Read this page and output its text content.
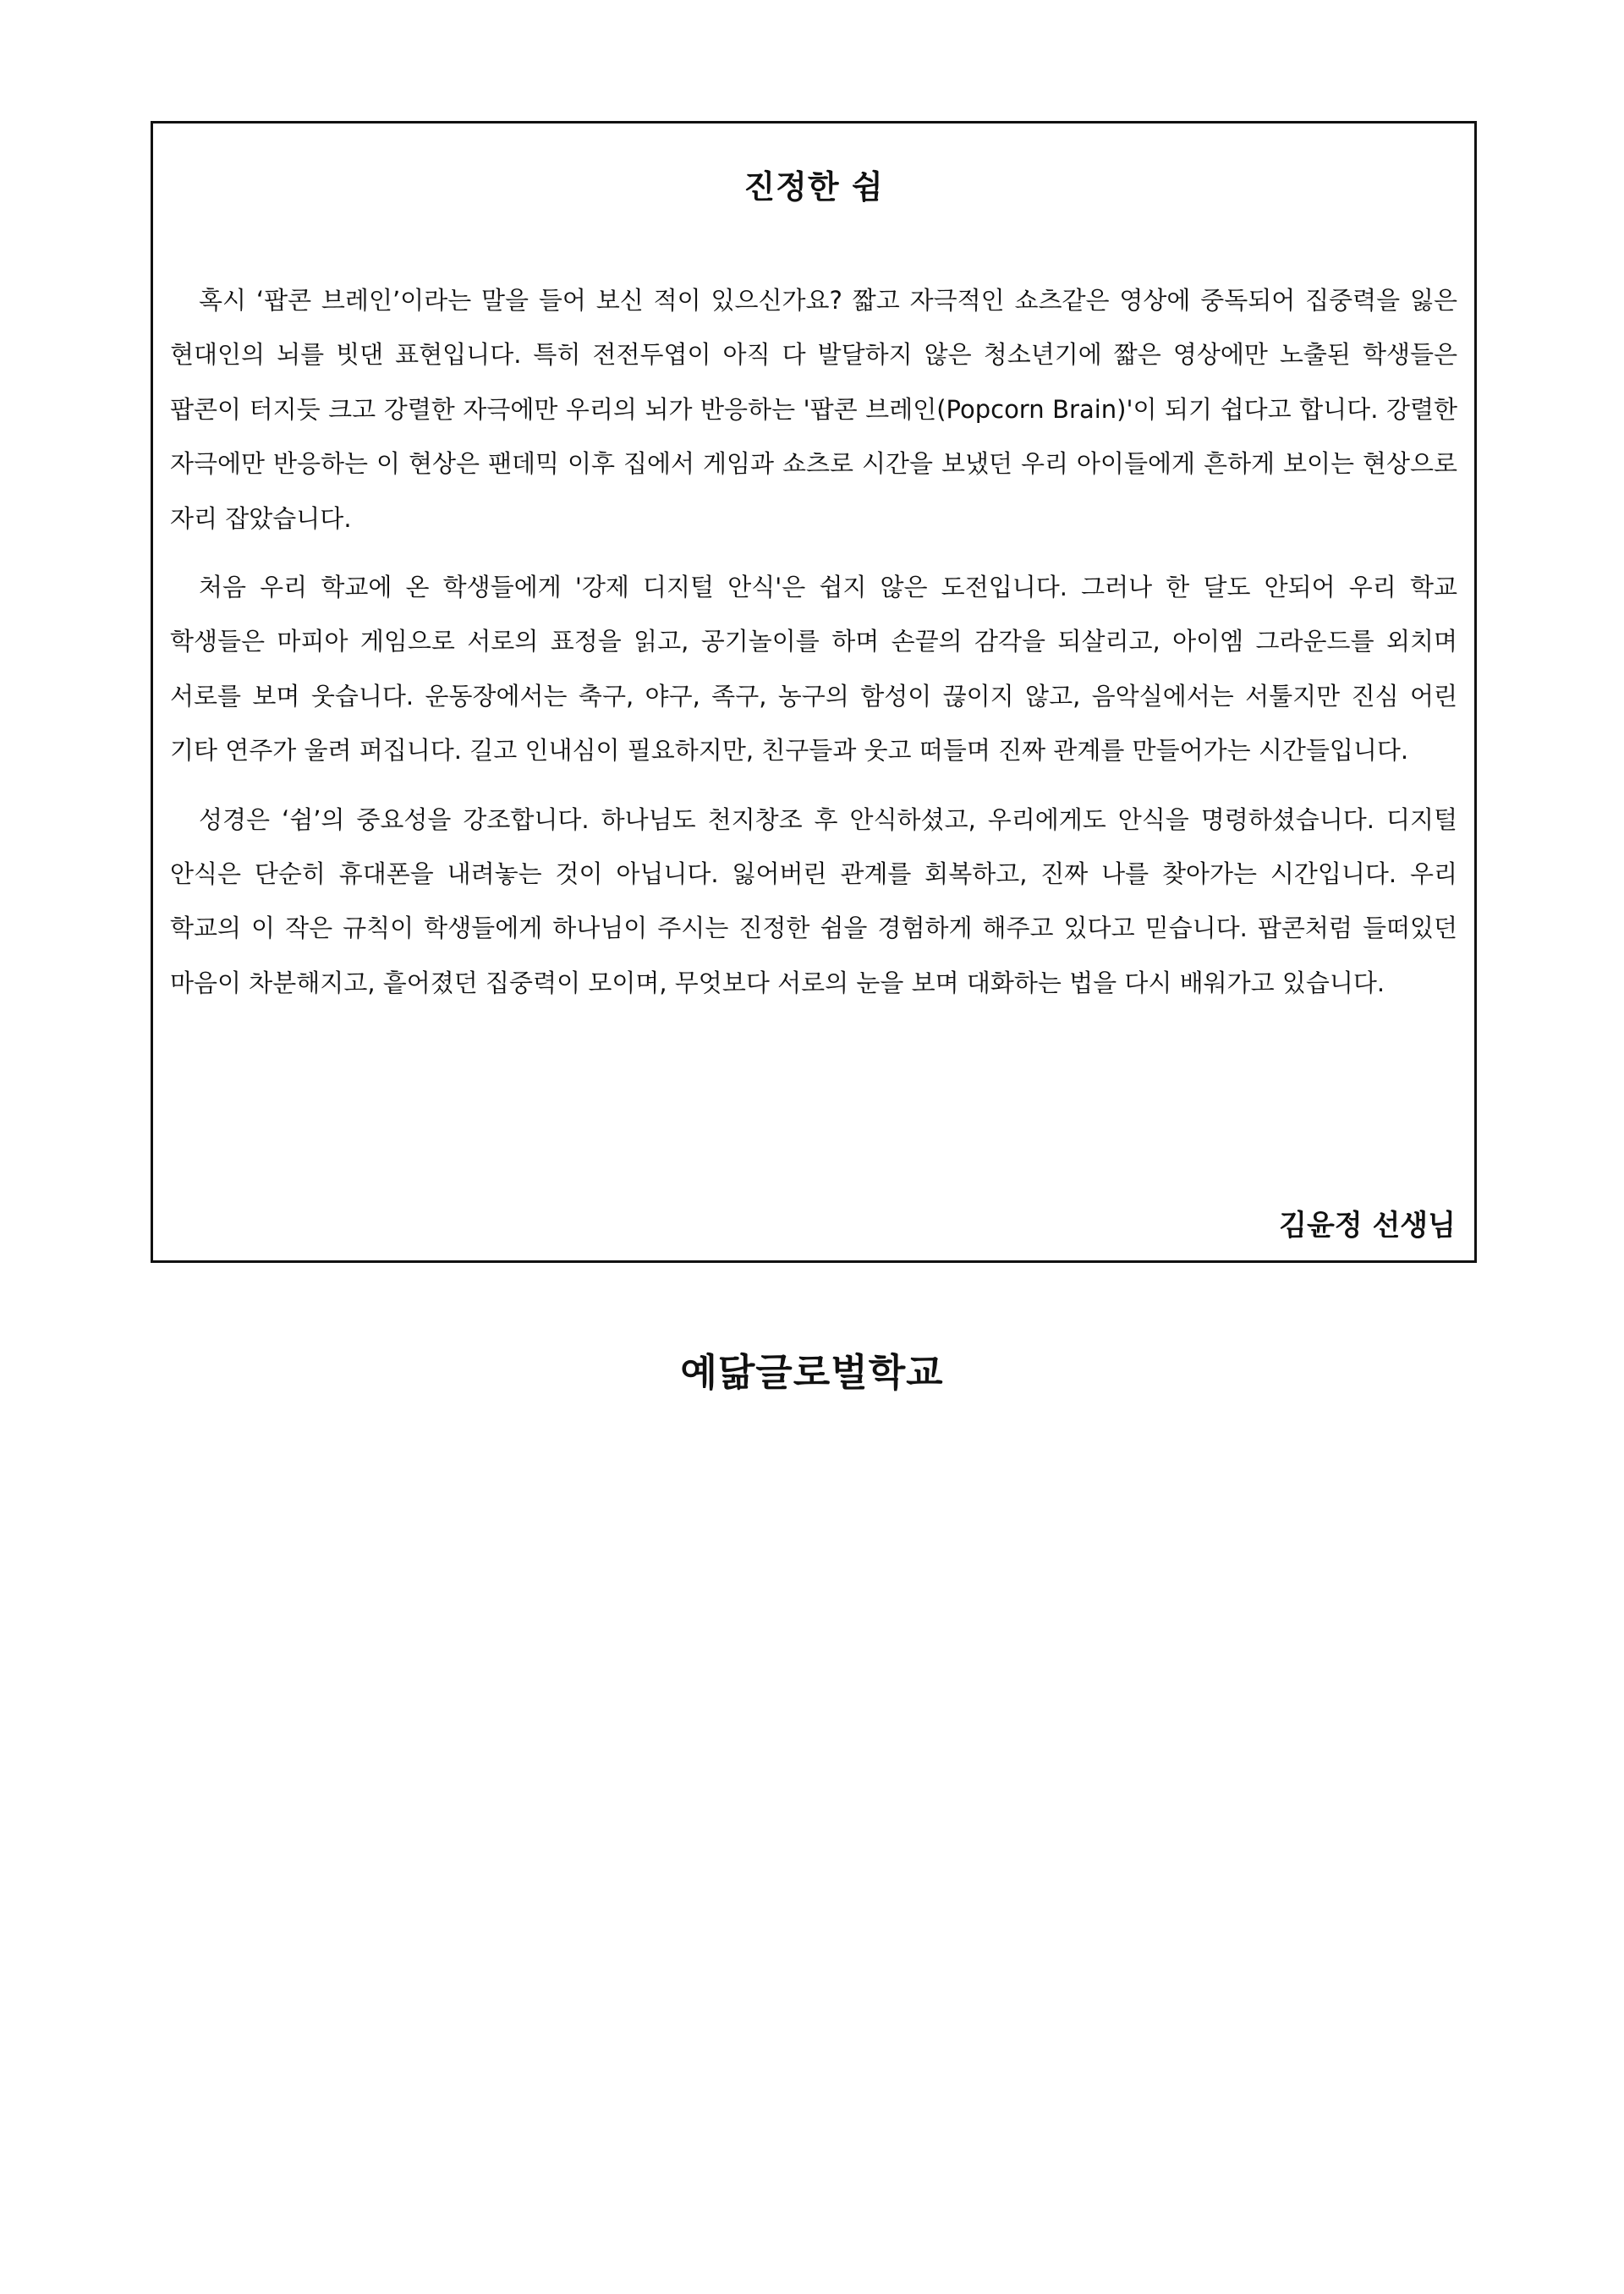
진정한 쉼

혹시 ‘팝콘 브레인’이라는 말을 들어 보신 적이 있으신가요? 짧고 자극적인 쇼츠같은 영상에 중독되어 집중력을 잃은 현대인의 뇌를 빗댄 표현입니다. 특히 전전두엽이 아직 다 발달하지 않은 청소년기에 짧은 영상에만 노출된 학생들은 팝콘이 터지듯 크고 강렬한 자극에만 우리의 뇌가 반응하는 '팝콘 브레인(Popcorn Brain)'이 되기 쉽다고 합니다. 강렬한 자극에만 반응하는 이 현상은 팬데믹 이후 집에서 게임과 쇼츠로 시간을 보냈던 우리 아이들에게 흔하게 보이는 현상으로 자리 잡았습니다.

처음 우리 학교에 온 학생들에게 '강제 디지털 안식'은 쉽지 않은 도전입니다. 그러나 한 달도 안되어 우리 학교 학생들은 마피아 게임으로 서로의 표정을 읽고, 공기놀이를 하며 손끝의 감각을 되살리고, 아이엠 그라운드를 외치며 서로를 보며 웃습니다. 운동장에서는 축구, 야구, 족구, 농구의 함성이 끊이지 않고, 음악실에서는 서툴지만 진심 어린 기타 연주가 울려 퍼집니다. 길고 인내심이 필요하지만, 친구들과 웃고 떠들며 진짜 관계를 만들어가는 시간들입니다.

성경은 ‘쉼’의 중요성을 강조합니다. 하나님도 천지창조 후 안식하셨고, 우리에게도 안식을 명령하셨습니다. 디지털 안식은 단순히 휴대폰을 내려놓는 것이 아닙니다. 잃어버린 관계를 회복하고, 진짜 나를 찾아가는 시간입니다. 우리 학교의 이 작은 규칙이 학생들에게 하나님이 주시는 진정한 쉼을 경험하게 해주고 있다고 믿습니다. 팝콘처럼 들떠있던 마음이 차분해지고, 흩어졌던 집중력이 모이며, 무엇보다 서로의 눈을 보며 대화하는 법을 다시 배워가고 있습니다.

김윤정 선생님
예닮글로벌학교
